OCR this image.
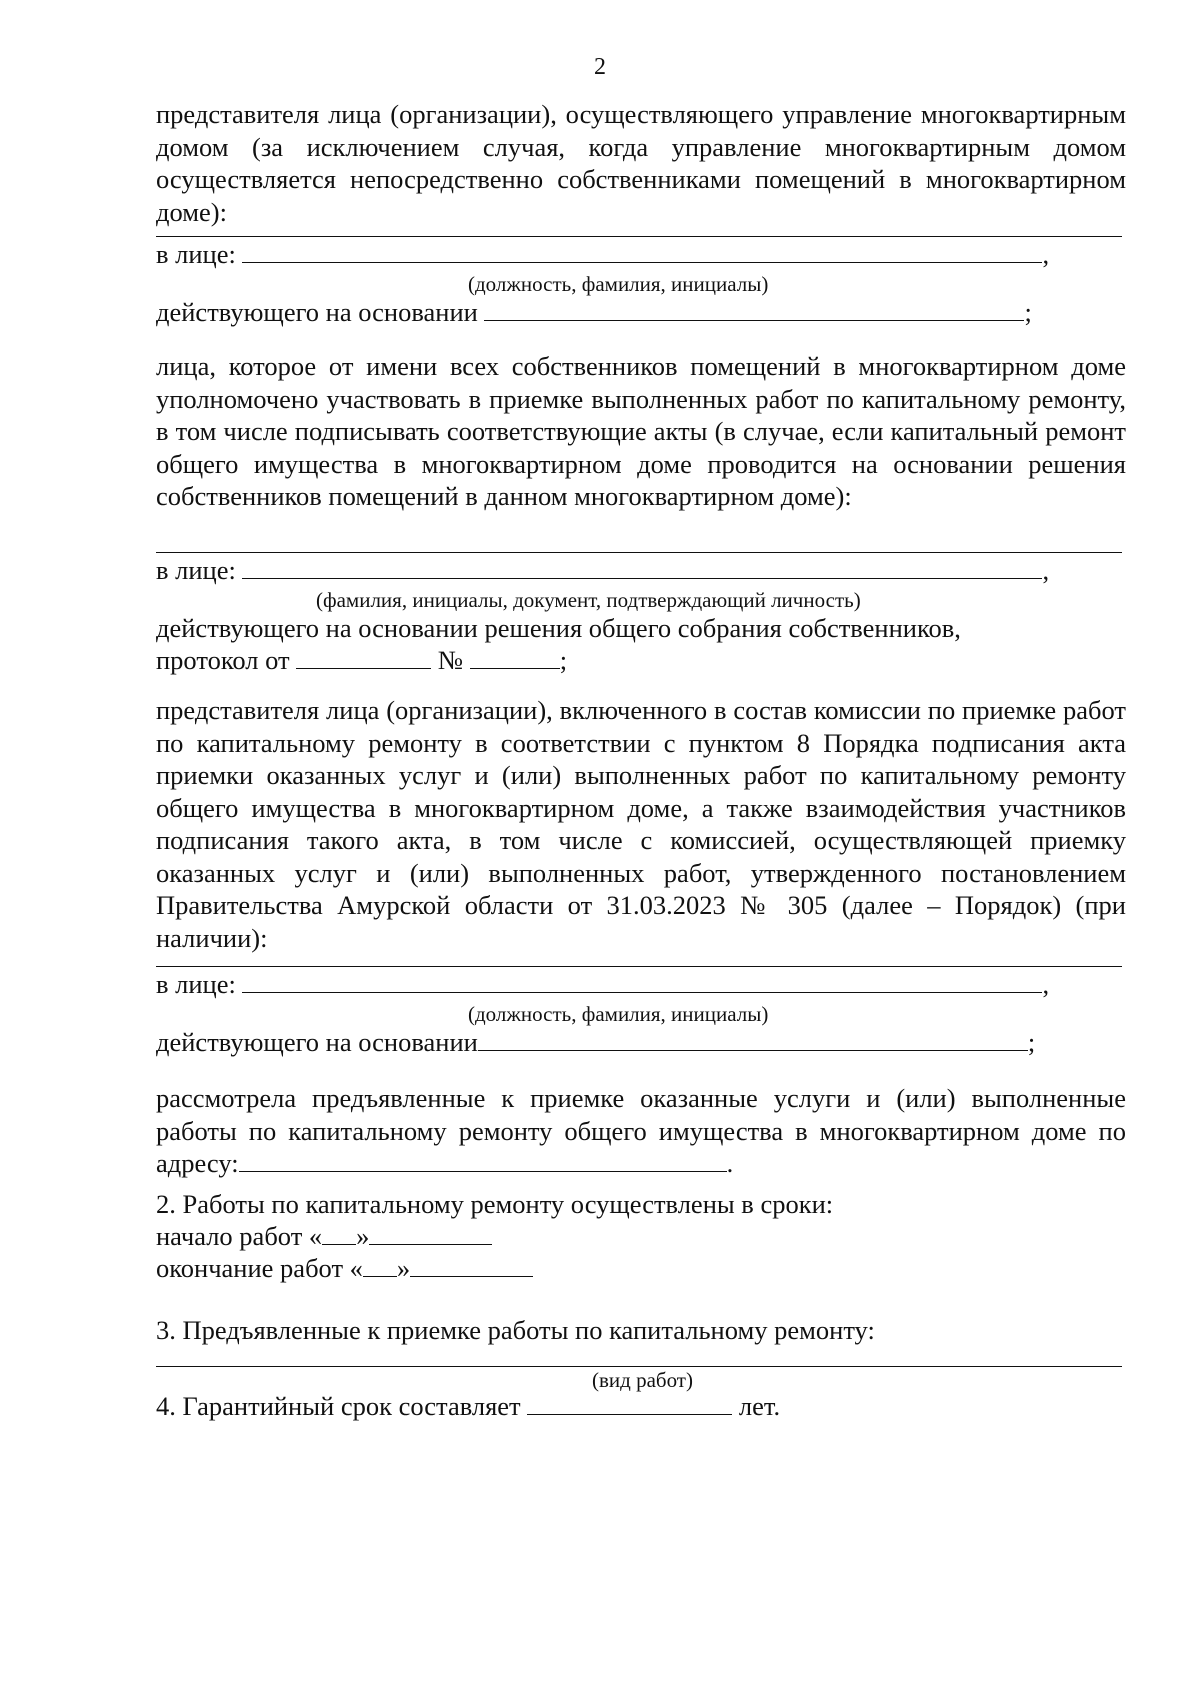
2
представителя лица (организации), осуществляющего управление многоквартирным домом (за исключением случая, когда управление многоквартирным домом осуществляется непосредственно собственниками помещений в многоквартирном доме):
в лице:	,
(должность, фамилия, инициалы)
действующего на основании	;
лица, которое от имени всех собственников помещений в многоквартирном доме уполномочено участвовать в приемке выполненных работ по капитальному ремонту, в том числе подписывать соответствующие акты (в случае, если капитальный ремонт общего имущества в многоквартирном доме проводится на основании решения собственников помещений в данном многоквартирном доме):
в лице:	,
(фамилия, инициалы, документ, подтверждающий личность)
действующего на основании решения общего собрания собственников,
протокол от	№	;
представителя лица (организации), включенного в состав комиссии по приемке работ по капитальному ремонту в соответствии с пунктом 8 Порядка подписания акта приемки оказанных услуг и (или) выполненных работ по капитальному ремонту общего имущества в многоквартирном доме, а также взаимодействия участников подписания такого акта, в том числе с комиссией, осуществляющей приемку оказанных услуг и (или) выполненных работ, утвержденного постановлением Правительства Амурской области от 31.03.2023 № 305 (далее – Порядок) (при наличии):
в лице:	,
(должность, фамилия, инициалы)
действующего на основании	;
рассмотрела предъявленные к приемке оказанные услуги и (или) выполненные работы по капитальному ремонту общего имущества в многоквартирном доме по адресу:	.
2. Работы по капитальному ремонту осуществлены в сроки:
начало работ « »
окончание работ « »
3. Предъявленные к приемке работы по капитальному ремонту:
(вид работ)
4. Гарантийный срок составляет	лет.
